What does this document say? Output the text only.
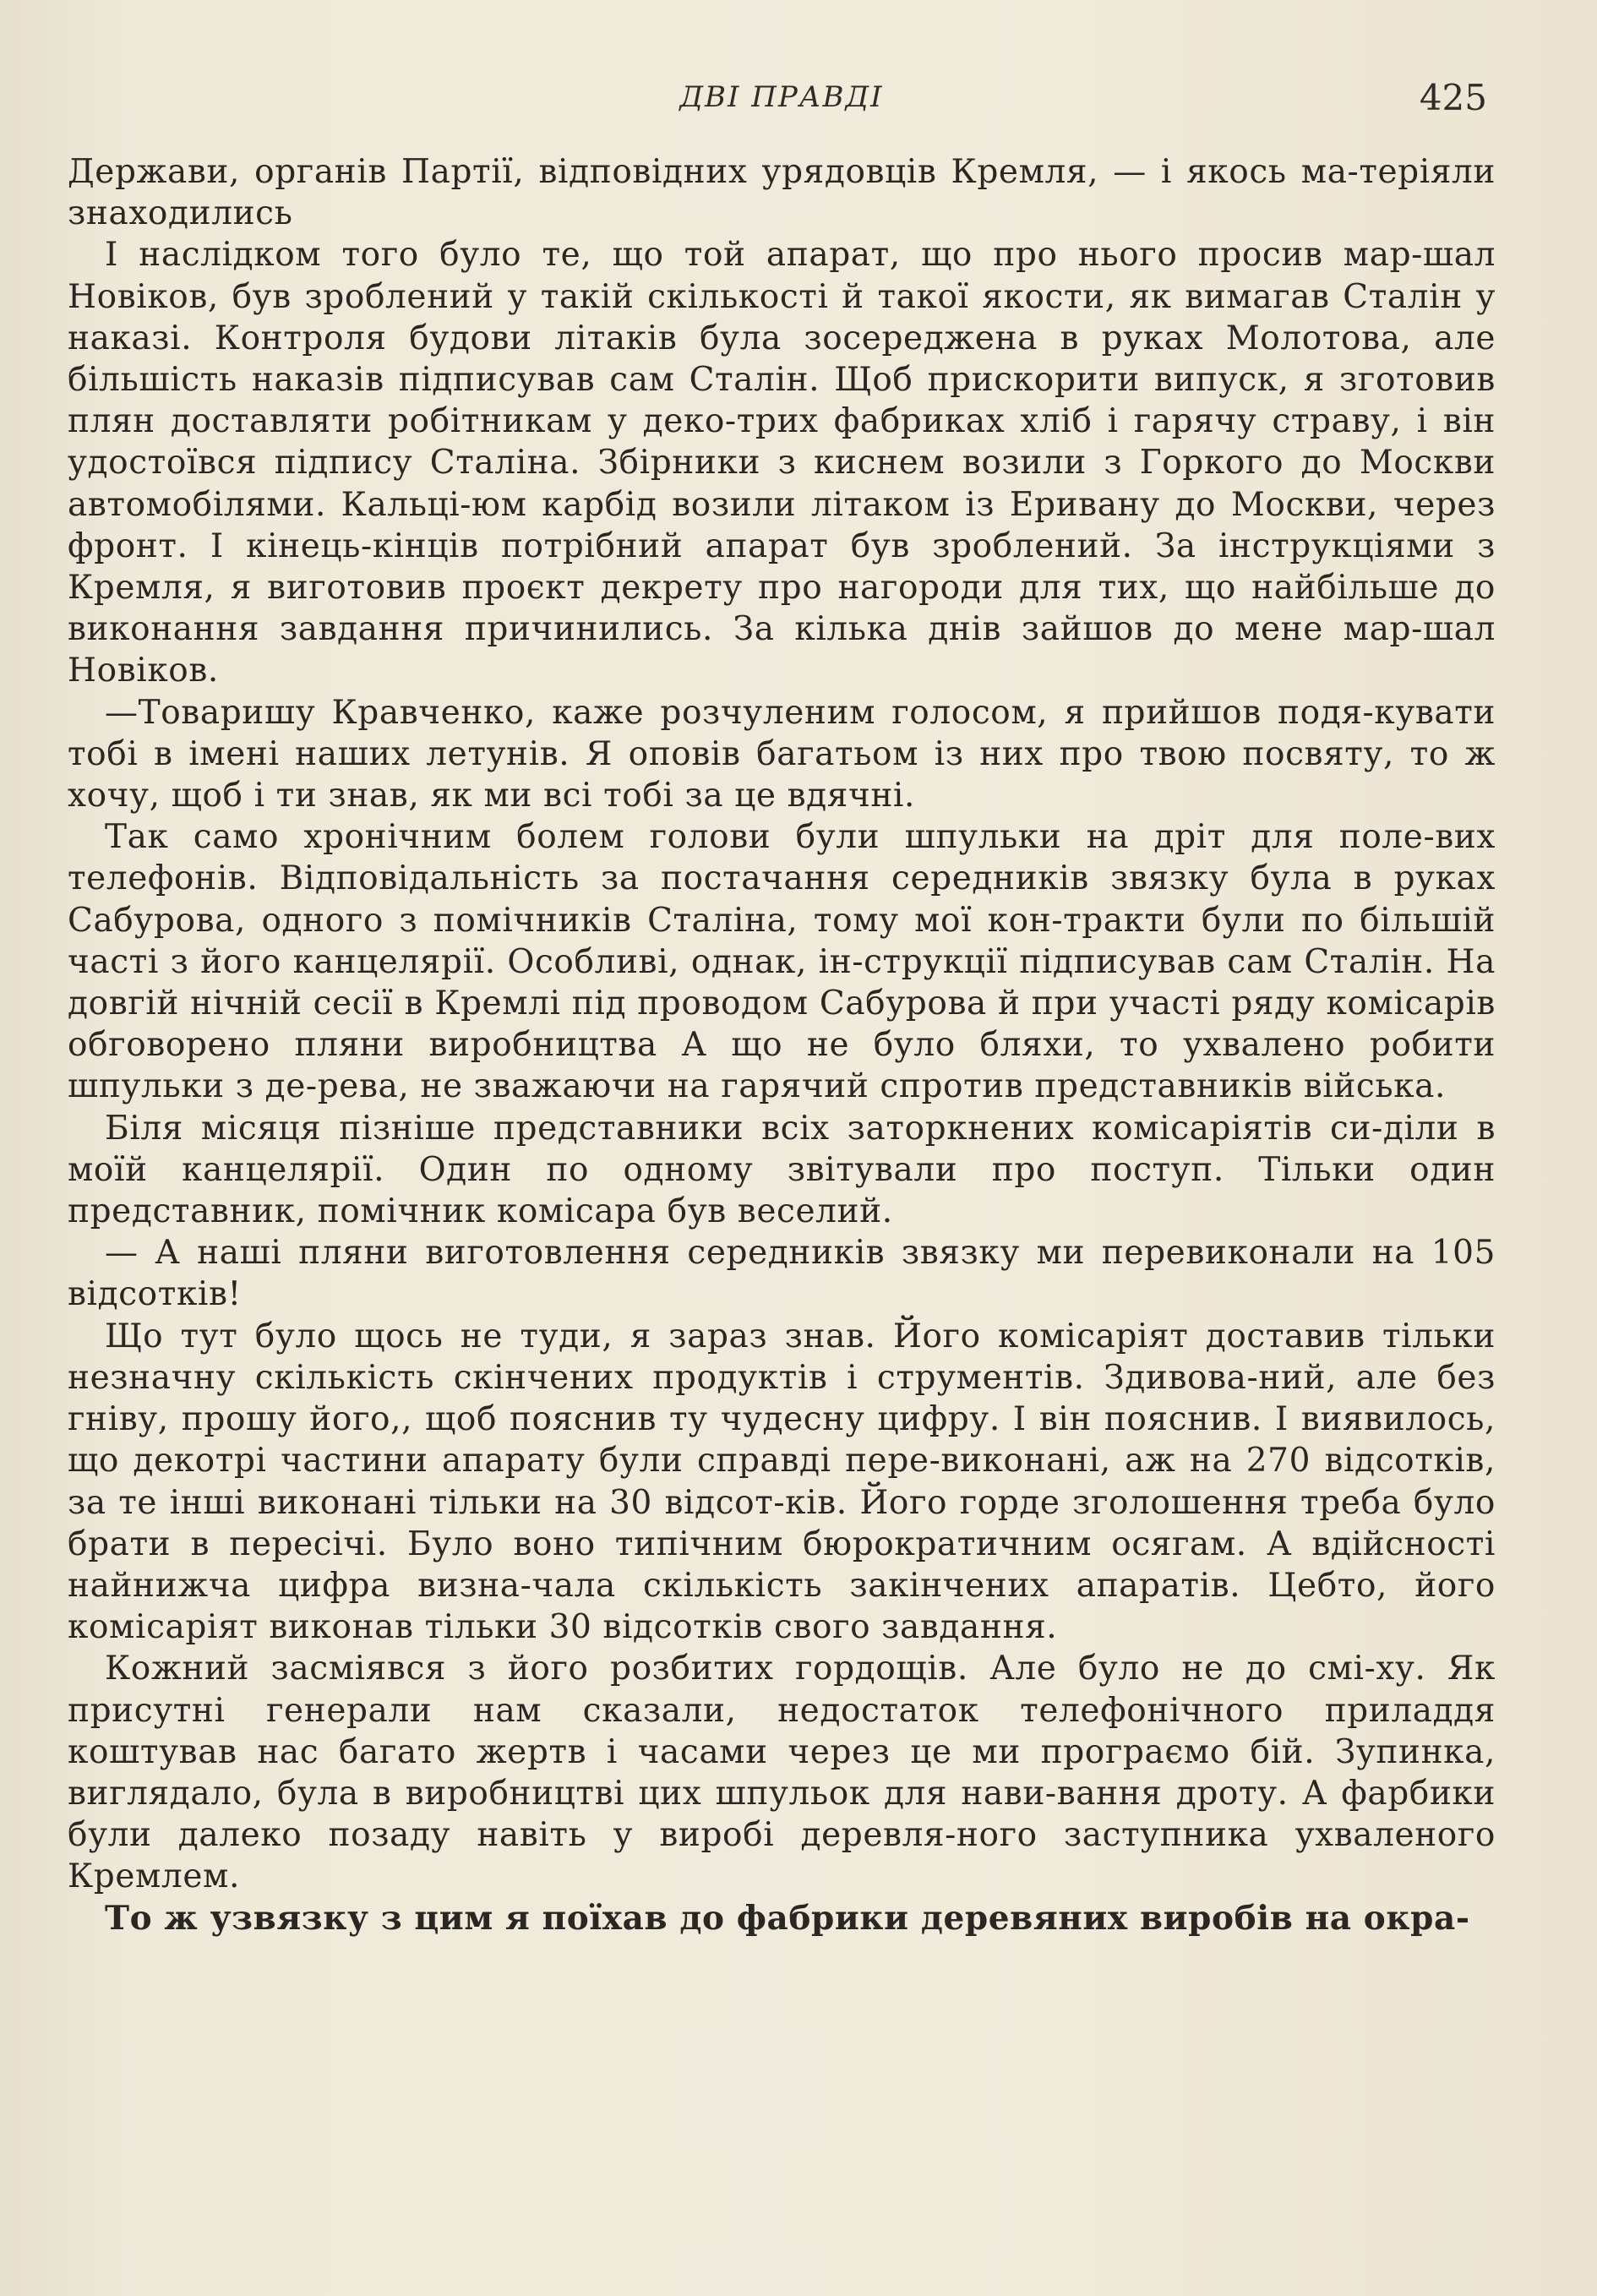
ДВІ ПРАВДІ	425

Держави, органів Партії, відповідних урядовців Кремля, — і якось ма-теріяли знаходились

І наслідком того було те, що той апарат, що про нього просив мар-шал Новіков, був зроблений у такій скількості й такої якости, як вимагав Сталін у наказі. Контроля будови літаків була зосереджена в руках Молотова, але більшість наказів підписував сам Сталін. Щоб прискорити випуск, я зготовив плян доставляти робітникам у деко-трих фабриках хліб і гарячу страву, і він удостоївся підпису Сталіна. Збірники з киснем возили з Горкого до Москви автомобілями. Кальці-юм карбід возили літаком із Еривану до Москви, через фронт. І кінець-кінців потрібний апарат був зроблений. За інструкціями з Кремля, я виготовив проєкт декрету про нагороди для тих, що найбільше до виконання завдання причинились. За кілька днів зайшов до мене мар-шал Новіков.

—Товаришу Кравченко, каже розчуленим голосом, я прийшов подя-кувати тобі в імені наших летунів. Я оповів багатьом із них про твою посвяту, то ж хочу, щоб і ти знав, як ми всі тобі за це вдячні.

Так само хронічним болем голови були шпульки на дріт для поле-вих телефонів. Відповідальність за постачання середників звязку була в руках Сабурова, одного з помічників Сталіна, тому мої кон-тракти були по більшій часті з його канцелярії. Особливі, однак, ін-струкції підписував сам Сталін. На довгій нічній сесії в Кремлі під проводом Сабурова й при участі ряду комісарів обговорено пляни виробництва А що не було бляхи, то ухвалено робити шпульки з де-рева, не зважаючи на гарячий спротив представників війська.

Біля місяця пізніше представники всіх заторкнених комісаріятів си-діли в моїй канцелярії. Один по одному звітували про поступ. Тільки один представник, помічник комісара був веселий.

— А наші пляни виготовлення середників звязку ми перевиконали на 105 відсотків!

Що тут було щось не туди, я зараз знав. Його комісаріят доставив тільки незначну скількість скінчених продуктів і струментів. Здивова-ний, але без гніву, прошу його,, щоб пояснив ту чудесну цифру. І він пояснив. І виявилось, що декотрі частини апарату були справді пере-виконані, аж на 270 відсотків, за те інші виконані тільки на 30 відсот-ків. Його горде зголошення треба було брати в пересічі. Було воно типічним бюрократичним осягам. А вдійсності найнижча цифра визна-чала скількість закінчених апаратів. Цебто, його комісаріят виконав тільки 30 відсотків свого завдання.

Кожний засміявся з його розбитих гордощів. Але було не до смі-ху. Як присутні генерали нам сказали, недостаток телефонічного приладдя коштував нас багато жертв і часами через це ми програємо бій. Зупинка, виглядало, була в виробництві цих шпульок для нави-вання дроту. А фарбики були далеко позаду навіть у виробі деревля-ного заступника ухваленого Кремлем.

То ж узвязку з цим я поїхав до фабрики деревяних виробів на окра-
